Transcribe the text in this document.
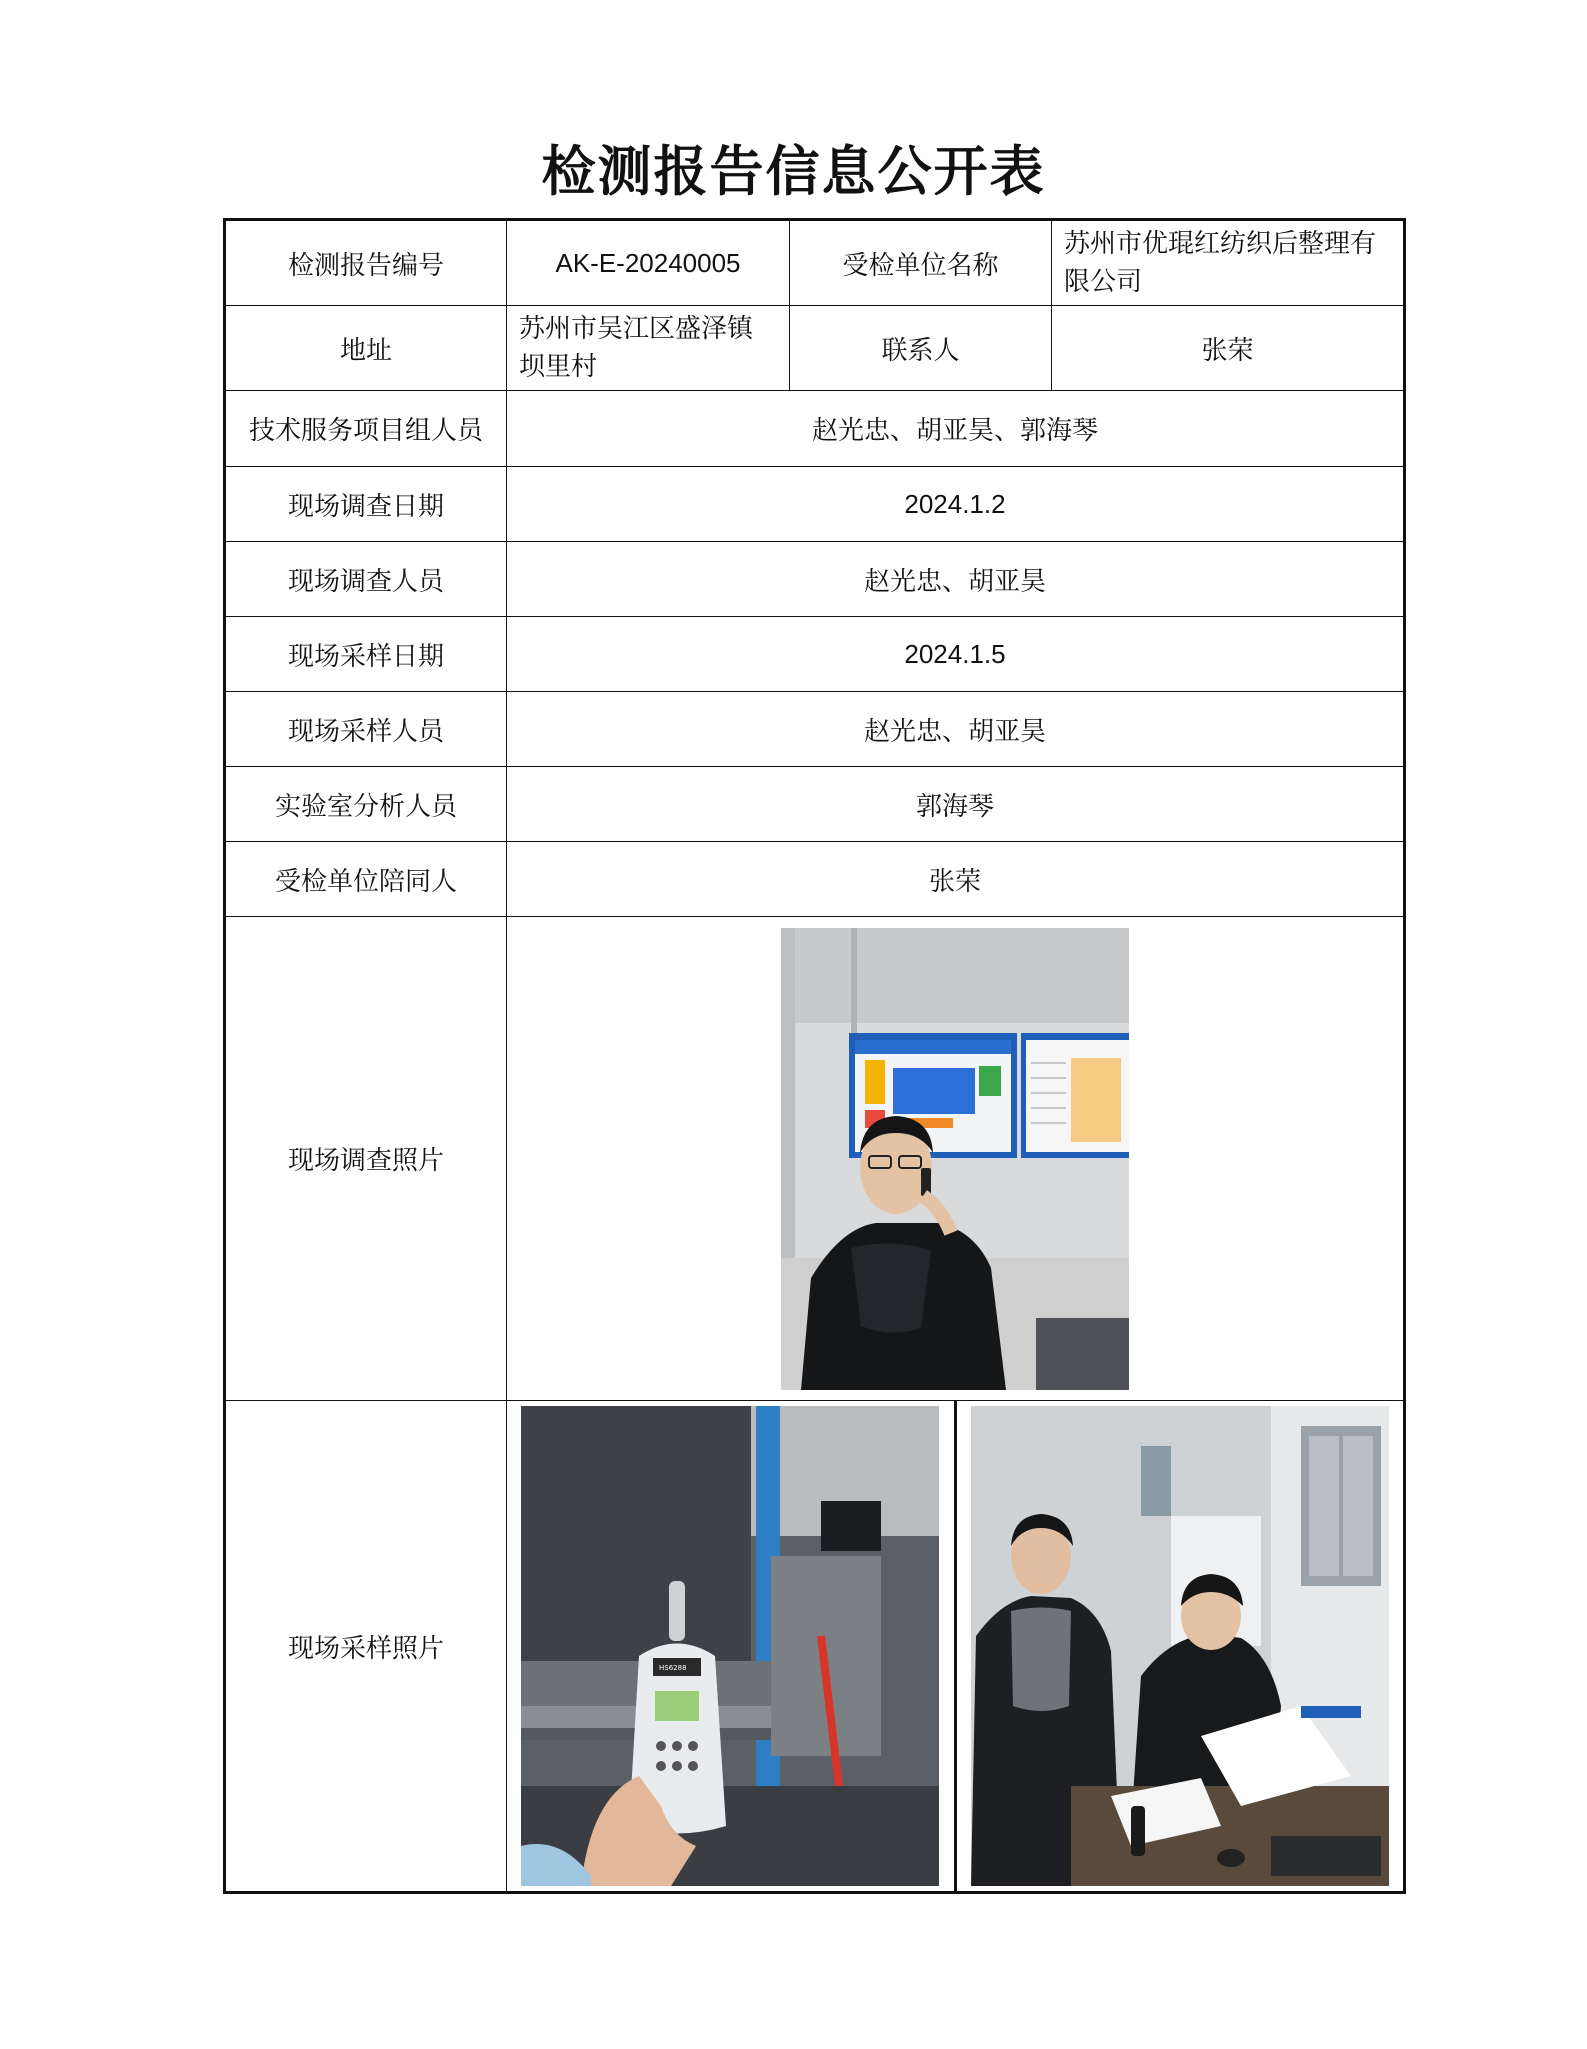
检测报告信息公开表
检测报告编号	AK-E-20240005	受检单位名称	苏州市优琨红纺织后整理有限公司
地址	苏州市吴江区盛泽镇坝里村	联系人	张荣
技术服务项目组人员	赵光忠、胡亚昊、郭海琴		
现场调查日期	2024.1.2		
现场调查人员	赵光忠、胡亚昊		
现场采样日期	2024.1.5		
现场采样人员	赵光忠、胡亚昊		
实验室分析人员	郭海琴		
受检单位陪同人	张荣		
现场调查照片	

现场采样照片	HS6288		
